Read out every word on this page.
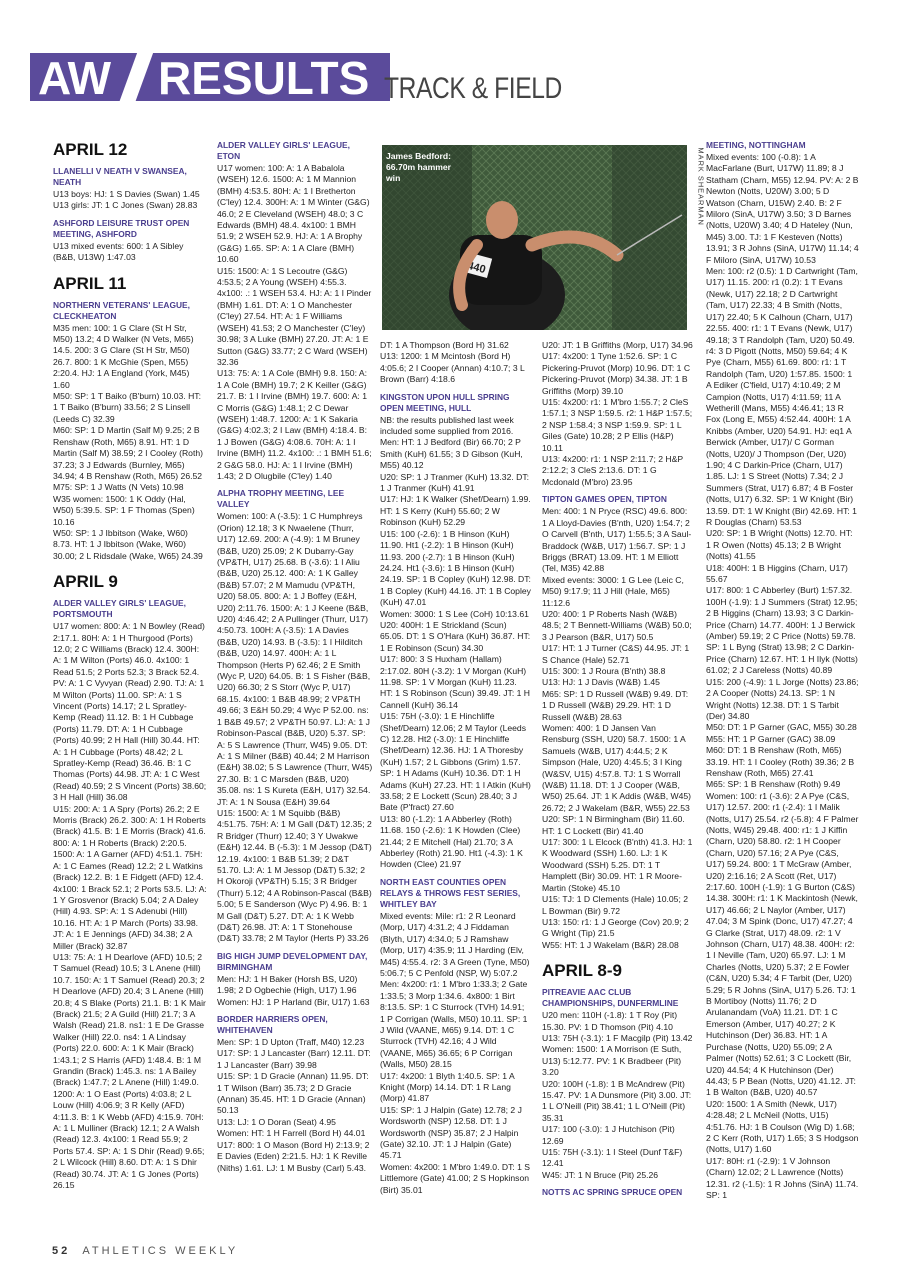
AW RESULTS TRACK & FIELD
APRIL 12
LLANELLI V NEATH V SWANSEA, NEATH
U13 boys: HJ: 1 S Davies (Swan) 1.45
U13 girls: JT: 1 C Jones (Swan) 28.83
ASHFORD LEISURE TRUST OPEN MEETING, ASHFORD
U13 mixed events: 600: 1 A Sibley (B&B, U13W) 1:47.03
APRIL 11
NORTHERN VETERANS' LEAGUE, CLECKHEATON
M35 men: 100: 1 G Clare (St H Str, M50) 13.2; 4 D Walker (N Vets, M65) 14.5. 200: 3 G Clare (St H Str, M50) 26.7. 800: 1 K McGhie (Spen, M55) 2:20.4. HJ: 1 A England (York, M45) 1.60
M50: SP: 1 T Baiko (B'burn) 10.03. HT: 1 T Baiko (B'burn) 33.56; 2 S Linsell (Leeds C) 32.39
M60: SP: 1 D Martin (Salf M) 9.25; 2 B Renshaw (Roth, M65) 8.91. HT: 1 D Martin (Salf M) 38.59; 2 I Cooley (Roth) 37.23; 3 J Edwards (Burnley, M65) 34.94; 4 B Renshaw (Roth, M65) 26.52
M75: SP: 1 J Watts (N Vets) 10.98
W35 women: 1500: 1 K Oddy (Hal, W50) 5:39.5. SP: 1 F Thomas (Spen) 10.16
W50: SP: 1 J Ibbitson (Wake, W60) 8.73. HT: 1 J Ibbitson (Wake, W60) 30.00; 2 L Ridsdale (Wake, W65) 24.39
APRIL 9
ALDER VALLEY GIRLS' LEAGUE, PORTSMOUTH
U17 women: 800: A: 1 N Bowley (Read) 2:17.1. 80H: A: 1 H Thurgood (Ports) 12.0; 2 C Williams (Brack) 12.4. 300H: A: 1 M Wilton (Ports) 46.0. 4x100: 1 Read 51.5; 2 Ports 52.3; 3 Brack 52.4. PV: A: 1 C Vyvyan (Read) 2.90. TJ: A: 1 M Wilton (Ports) 11.00. SP: A: 1 S Vincent (Ports) 14.17; 2 L Spratley-Kemp (Read) 11.12. B: 1 H Cubbage (Ports) 11.79. DT: A: 1 H Cubbage (Ports) 40.99; 2 H Hall (Hill) 30.44. HT: A: 1 H Cubbage (Ports) 48.42; 2 L Spratley-Kemp (Read) 36.46. B: 1 C Thomas (Ports) 44.98. JT: A: 1 C West (Read) 40.59; 2 S Vincent (Ports) 38.60; 3 H Hall (Hill) 36.08
U15: 200: A: 1 A Spry (Ports) 26.2; 2 E Morris (Brack) 26.2. 300: A: 1 H Roberts (Brack) 41.5. B: 1 E Morris (Brack) 41.6. 800: A: 1 H Roberts (Brack) 2:20.5. 1500: A: 1 A Garner (AFD) 4:51.1. 75H: A: 1 C Eames (Read) 12.2; 2 L Watkins (Brack) 12.2. B: 1 E Fidgett (AFD) 12.4. 4x100: 1 Brack 52.1; 2 Ports 53.5. LJ: A: 1 Y Grosvenor (Brack) 5.04; 2 A Daley (Hill) 4.93. SP: A: 1 S Adenubi (Hill) 10.16. HT: A: 1 P March (Ports) 33.98. JT: A: 1 E Jennings (AFD) 34.38; 2 A Miller (Brack) 32.87
U13: 75: A: 1 H Dearlove (AFD) 10.5; 2 T Samuel (Read) 10.5; 3 L Anene (Hill) 10.7. 150: A: 1 T Samuel (Read) 20.3; 2 H Dearlove (AFD) 20.4; 3 L Anene (Hill) 20.8; 4 S Blake (Ports) 21.1. B: 1 K Mair (Brack) 21.5; 2 A Guild (Hill) 21.7; 3 A Walsh (Read) 21.8. ns1: 1 E De Grasse Walker (Hill) 22.0. ns4: 1 A Lindsay (Ports) 22.0. 600: A: 1 K Mair (Brack) 1:43.1; 2 S Harris (AFD) 1:48.4. B: 1 M Grandin (Brack) 1:45.3. ns: 1 A Bailey (Brack) 1:47.7; 2 L Anene (Hill) 1:49.0. 1200: A: 1 O East (Ports) 4:03.8; 2 L Louw (Hill) 4:06.9; 3 R Kelly (AFD) 4:11.3. B: 1 K Webb (AFD) 4:15.9. 70H: A: 1 L Mulliner (Brack) 12.1; 2 A Walsh (Read) 12.3. 4x100: 1 Read 55.9; 2 Ports 57.4. SP: A: 1 S Dhir (Read) 9.65; 2 L Wilcock (Hill) 8.60. DT: A: 1 S Dhir (Read) 30.74. JT: A: 1 G Jones (Ports) 26.15
ALDER VALLEY GIRLS' LEAGUE, ETON
U17 women: 100: A: 1 A Babalola (WSEH) 12.6. 1500: A: 1 M Mannion (BMH) 4:53.5. 80H: A: 1 I Bretherton (C'ley) 12.4. 300H: A: 1 M Winter (G&G) 46.0; 2 E Cleveland (WSEH) 48.0; 3 C Edwards (BMH) 48.4. 4x100: 1 BMH 51.9; 2 WSEH 52.9. HJ: A: 1 A Brophy (G&G) 1.65. SP: A: 1 A Clare (BMH) 10.60
U15: 1500: A: 1 S Lecoutre (G&G) 4:53.5; 2 A Young (WSEH) 4:55.3. 4x100: .: 1 WSEH 53.4. HJ: A: 1 I Pinder (BMH) 1.61. DT: A: 1 O Manchester (C'ley) 27.54. HT: A: 1 F Williams (WSEH) 41.53; 2 O Manchester (C'ley) 30.98; 3 A Luke (BMH) 27.20. JT: A: 1 E Sutton (G&G) 33.77; 2 C Ward (WSEH) 32.36
U13: 75: A: 1 A Cole (BMH) 9.8. 150: A: 1 A Cole (BMH) 19.7; 2 K Keiller (G&G) 21.7. B: 1 I Irvine (BMH) 19.7. 600: A: 1 C Morris (G&G) 1:48.1; 2 C Dewar (WSEH) 1:48.7. 1200: A: 1 K Sakaria (G&G) 4:02.3; 2 I Law (BMH) 4:18.4. B: 1 J Bowen (G&G) 4:08.6. 70H: A: 1 I Irvine (BMH) 11.2. 4x100: .: 1 BMH 51.6; 2 G&G 58.0. HJ: A: 1 I Irvine (BMH) 1.43; 2 D Olugbile (C'ley) 1.40
ALPHA TROPHY MEETING, LEE VALLEY
Women: 100: A (-3.5): 1 C Humphreys (Orion) 12.18; 3 K Nwaelene (Thurr, U17) 12.69. 200: A (-4.9): 1 M Bruney (B&B, U20) 25.09; 2 K Dubarry-Gay (VP&TH, U17) 25.68. B (-3.6): 1 I Aliu (B&B, U20) 25.12. 400: A: 1 K Galley (B&B) 57.07; 2 M Mamudu (VP&TH, U20) 58.05. 800: A: 1 J Boffey (E&H, U20) 2:11.76. 1500: A: 1 J Keene (B&B, U20) 4:46.42; 2 A Pullinger (Thurr, U17) 4:50.73. 100H: A (-3.5): 1 A Davies (B&B, U20) 14.93. B (-3.5): 1 I Hilditch (B&B, U20) 14.97. 400H: A: 1 L Thompson (Herts P) 62.46; 2 E Smith (Wyc P, U20) 64.05. B: 1 S Fisher (B&B, U20) 66.30; 2 S Storr (Wyc P, U17) 68.15. 4x100: 1 B&B 48.99; 2 VP&TH 49.66; 3 E&H 50.29; 4 Wyc P 52.00. ns: 1 B&B 49.57; 2 VP&TH 50.97. LJ: A: 1 J Robinson-Pascal (B&B, U20) 5.37. SP: A: 5 S Lawrence (Thurr, W45) 9.05. DT: A: 1 S Milner (B&B) 40.44; 2 M Harrison (E&H) 38.02; 5 S Lawrence (Thurr, W45) 27.30. B: 1 C Marsden (B&B, U20) 35.08. ns: 1 S Kureta (E&H, U17) 32.54. JT: A: 1 N Sousa (E&H) 39.64
U15: 1500: A: 1 M Squibb (B&B) 4:51.75. 75H: A: 1 M Gall (D&T) 12.35; 2 R Bridger (Thurr) 12.40; 3 Y Uwakwe (E&H) 12.44. B (-5.3): 1 M Jessop (D&T) 12.19. 4x100: 1 B&B 51.39; 2 D&T 51.70. LJ: A: 1 M Jessop (D&T) 5.32; 2 H Okoroji (VP&TH) 5.15; 3 R Bridger (Thurr) 5.12; 4 A Robinson-Pascal (B&B) 5.00; 5 E Sanderson (Wyc P) 4.96. B: 1 M Gall (D&T) 5.27. DT: A: 1 K Webb (D&T) 26.98. JT: A: 1 T Stonehouse (D&T) 33.78; 2 M Taylor (Herts P) 33.26
BIG HIGH JUMP DEVELOPMENT DAY, BIRMINGHAM
Men: HJ: 1 H Baker (Horsh BS, U20) 1.98; 2 D Ogbechie (High, U17) 1.96
Women: HJ: 1 P Harland (Bir, U17) 1.63
BORDER HARRIERS OPEN, WHITEHAVEN
Men: SP: 1 D Upton (Traff, M40) 12.23
U17: SP: 1 J Lancaster (Barr) 12.11. DT: 1 J Lancaster (Barr) 39.98
U15: SP: 1 D Gracie (Annan) 11.95. DT: 1 T Wilson (Barr) 35.73; 2 D Gracie (Annan) 35.45. HT: 1 D Gracie (Annan) 50.13
U13: LJ: 1 O Doran (Seat) 4.95
Women: HT: 1 H Farrell (Bord H) 44.01
U17: 800: 1 O Mason (Bord H) 2:13.9; 2 E Davies (Eden) 2:21.5. HJ: 1 K Reville (Niths) 1.61. LJ: 1 M Busby (Carl) 5.43.
DT: 1 A Thompson (Bord H) 31.62
U13: 1200: 1 M Mcintosh (Bord H) 4:05.6; 2 I Cooper (Annan) 4:10.7; 3 L Brown (Barr) 4:18.6
KINGSTON UPON HULL SPRING OPEN MEETING, HULL
NB: the results published last week included some supplied from 2016.
Men: HT: 1 J Bedford (Bir) 66.70; 2 P Smith (KuH) 61.55; 3 D Gibson (KuH, M55) 40.12
U20: SP: 1 J Tranmer (KuH) 13.32. DT: 1 J Tranmer (KuH) 41.91
U17: HJ: 1 K Walker (Shef/Dearn) 1.99. HT: 1 S Kerry (KuH) 55.60; 2 W Robinson (KuH) 52.29
U15: 100 (-2.6): 1 B Hinson (KuH) 11.90. Ht1 (-2.2): 1 B Hinson (KuH) 11.93. 200 (-2.7): 1 B Hinson (KuH) 24.24. Ht1 (-3.6): 1 B Hinson (KuH) 24.19. SP: 1 B Copley (KuH) 12.98. DT: 1 B Copley (KuH) 44.16. JT: 1 B Copley (KuH) 47.01
Women: 3000: 1 S Lee (CoH) 10:13.61
U20: 400H: 1 E Strickland (Scun) 65.05. DT: 1 S O'Hara (KuH) 36.87. HT: 1 E Robinson (Scun) 34.30
U17: 800: 3 S Huxham (Hallam) 2:17.02. 80H (-3.2): 1 V Morgan (KuH) 11.98. SP: 1 V Morgan (KuH) 11.23. HT: 1 S Robinson (Scun) 39.49. JT: 1 H Cannell (KuH) 36.14
U15: 75H (-3.0): 1 E Hinchliffe (Shef/Dearn) 12.06; 2 M Taylor (Leeds C) 12.28. Ht2 (-3.0): 1 E Hinchliffe (Shef/Dearn) 12.36. HJ: 1 A Thoresby (KuH) 1.57; 2 L Gibbons (Grim) 1.57. SP: 1 H Adams (KuH) 10.36. DT: 1 H Adams (KuH) 27.23. HT: 1 I Atkin (KuH) 33.58; 2 E Lockett (Scun) 28.40; 3 J Bate (P'fract) 27.60
U13: 80 (-1.2): 1 A Abberley (Roth) 11.68. 150 (-2.6): 1 K Howden (Clee) 21.44; 2 E Mitchell (Hal) 21.70; 3 A Abberley (Roth) 21.90. Ht1 (-4.3): 1 K Howden (Clee) 21.97
NORTH EAST COUNTIES OPEN RELAYS & THROWS FEST SERIES, WHITLEY BAY
Mixed events: Mile: r1: 2 R Leonard (Morp, U17) 4:31.2; 4 J Fiddaman (Blyth, U17) 4:34.0; 5 J Ramshaw (Morp, U17) 4:35.9; 11 J Harding (Elv, M45) 4:55.4. r2: 3 A Green (Tyne, M50) 5:06.7; 5 C Penfold (NSP, W) 5:07.2
Men: 4x200: r1: 1 M'bro 1:33.3; 2 Gate 1:33.5; 3 Morp 1:34.6. 4x800: 1 Birt 8:13.5. SP: 1 C Sturrock (TVH) 14.91; 1 P Corrigan (Walls, M50) 10.11. SP: 1 J Wild (VAANE, M65) 9.14. DT: 1 C Sturrock (TVH) 42.16; 4 J Wild (VAANE, M65) 36.65; 6 P Corrigan (Walls, M50) 28.15
U17: 4x200: 1 Blyth 1:40.5. SP: 1 A Knight (Morp) 14.14. DT: 1 R Lang (Morp) 41.87
U15: SP: 1 J Halpin (Gate) 12.78; 2 J Wordsworth (NSP) 12.58. DT: 1 J Wordsworth (NSP) 35.87; 2 J Halpin (Gate) 32.10. JT: 1 J Halpin (Gate) 45.71
Women: 4x200: 1 M'bro 1:49.0. DT: 1 S Littlemore (Gate) 41.00; 2 S Hopkinson (Birt) 35.01
U20: JT: 1 B Griffiths (Morp, U17) 34.96
U17: 4x200: 1 Tyne 1:52.6. SP: 1 C Pickering-Pruvot (Morp) 10.96. DT: 1 C Pickering-Pruvot (Morp) 34.38. JT: 1 B Griffiths (Morp) 39.10
U15: 4x200: r1: 1 M'bro 1:55.7; 2 CleS 1:57.1; 3 NSP 1:59.5. r2: 1 H&P 1:57.5; 2 NSP 1:58.4; 3 NSP 1:59.9. SP: 1 L Giles (Gate) 10.28; 2 P Ellis (H&P) 10.11
U13: 4x200: r1: 1 NSP 2:11.7; 2 H&P 2:12.2; 3 CleS 2:13.6. DT: 1 G Mcdonald (M'bro) 23.95
TIPTON GAMES OPEN, TIPTON
Men: 400: 1 N Pryce (RSC) 49.6. 800: 1 A Lloyd-Davies (B'nth, U20) 1:54.7; 2 O Carvell (B'nth, U17) 1:55.5; 3 A Saul-Braddock (W&B, U17) 1:56.7. SP: 1 J Briggs (BRAT) 13.09. HT: 1 M Elliott (Tel, M35) 42.88
Mixed events: 3000: 1 G Lee (Leic C, M50) 9:17.9; 11 J Hill (Hale, M65) 11:12.6
U20: 400: 1 P Roberts Nash (W&B) 48.5; 2 T Bennett-Williams (W&B) 50.0; 3 J Pearson (B&R, U17) 50.5
U17: HT: 1 J Turner (C&S) 44.95. JT: 1 S Chance (Hale) 52.71
U15: 300: 1 J Roura (B'nth) 38.8
U13: HJ: 1 J Davis (W&B) 1.45
M65: SP: 1 D Russell (W&B) 9.49. DT: 1 D Russell (W&B) 29.29. HT: 1 D Russell (W&B) 28.63
Women: 400: 1 D Jansen Van Rensburg (SSH, U20) 58.7. 1500: 1 A Samuels (W&B, U17) 4:44.5; 2 K Simpson (Hale, U20) 4:45.5; 3 I King (W&SV, U15) 4:57.8. TJ: 1 S Worrall (W&B) 11.18. DT: 1 J Cooper (W&B, W50) 25.64. JT: 1 K Addis (W&B, W45) 26.72; 2 J Wakelam (B&R, W55) 22.53
U20: SP: 1 N Birmingham (Bir) 11.60. HT: 1 C Lockett (Bir) 41.40
U17: 300: 1 L Elcock (B'nth) 41.3. HJ: 1 K Woodward (SSH) 1.60. LJ: 1 K Woodward (SSH) 5.25. DT: 1 T Hamplett (Bir) 30.09. HT: 1 R Moore-Martin (Stoke) 45.10
U15: TJ: 1 D Clements (Hale) 10.05; 2 L Bowman (Bir) 9.72
U13: 150: r1: 1 J George (Cov) 20.9; 2 G Wright (Tip) 21.5
W55: HT: 1 J Wakelam (B&R) 28.08
APRIL 8-9
PITREAVIE AAC CLUB CHAMPIONSHIPS, DUNFERMLINE
U20 men: 110H (-1.8): 1 T Roy (Pit) 15.30. PV: 1 D Thomson (Pit) 4.10
U13: 75H (-3.1): 1 F Macgilp (Pit) 13.42
Women: 1500: 1 A Morrison (E Suth, U13) 5:12.77. PV: 1 K Bradbeer (Pit) 3.20
U20: 100H (-1.8): 1 B McAndrew (Pit) 15.47. PV: 1 A Dunsmore (Pit) 3.00. JT: 1 L O'Neill (Pit) 38.41; 1 L O'Neill (Pit) 35.31
U17: 100 (-3.0): 1 J Hutchison (Pit) 12.69
U15: 75H (-3.1): 1 I Steel (Dunf T&F) 12.41
W45: JT: 1 N Bruce (Pit) 25.26
NOTTS AC SPRING SPRUCE OPEN
MEETING, NOTTINGHAM
Mixed events: 100 (-0.8): 1 A MacFarlane (Burt, U17W) 11.89; 8 J Statham (Charn, M55) 12.94. PV: A: 2 B Newton (Notts, U20W) 3.00; 5 D Watson (Charn, U15W) 2.40. B: 2 F Miloro (SinA, U17W) 3.50; 3 D Barnes (Notts, U20W) 3.40; 4 D Hateley (Nun, M45) 3.00. TJ: 1 F Kesteven (Notts) 13.91; 3 R Johns (SinA, U17W) 11.14; 4 F Miloro (SinA, U17W) 10.53
Men: 100: r2 (0.5): 1 D Cartwright (Tam, U17) 11.15. 200: r1 (0.2): 1 T Evans (Newk, U17) 22.18; 2 D Cartwright (Tam, U17) 22.33; 4 B Smith (Notts, U17) 22.40; 5 K Calhoun (Charn, U17) 22.55. 400: r1: 1 T Evans (Newk, U17) 49.18; 3 T Randolph (Tam, U20) 50.49. r4: 3 D Pigott (Notts, M50) 59.64; 4 K Pye (Charn, M55) 61.69. 800: r1: 1 T Randolph (Tam, U20) 1:57.85. 1500: 1 A Ediker (C'field, U17) 4:10.49; 2 M Campion (Notts, U17) 4:11.59; 11 A Wetherill (Mans, M55) 4:46.41; 13 R Fox (Long E, M55) 4:52.44. 400H: 1 A Knibbs (Amber, U20) 54.91. HJ: eq1 A Berwick (Amber, U17)/ C Gorman (Notts, U20)/ J Thompson (Der, U20) 1.90; 4 C Darkin-Price (Charn, U17) 1.85. LJ: 1 S Street (Notts) 7.34; 2 J Summers (Strat, U17) 6.87; 4 B Foster (Notts, U17) 6.32. SP: 1 W Knight (Bir) 13.59. DT: 1 W Knight (Bir) 42.69. HT: 1 R Douglas (Charn) 53.53
U20: SP: 1 B Wright (Notts) 12.70. HT: 1 R Owen (Notts) 45.13; 2 B Wright (Notts) 41.55
U18: 400H: 1 B Higgins (Charn, U17) 55.67
U17: 800: 1 C Abberley (Burt) 1:57.32. 100H (-1.9): 1 J Summers (Strat) 12.95; 2 B Higgins (Charn) 13.93; 3 C Darkin-Price (Charn) 14.77. 400H: 1 J Berwick (Amber) 59.19; 2 C Price (Notts) 59.78. SP: 1 L Byng (Strat) 13.98; 2 C Darkin-Price (Charn) 12.67. HT: 1 H Ilyk (Notts) 61.02; 2 J Careless (Notts) 40.89
U15: 200 (-4.9): 1 L Jorge (Notts) 23.86; 2 A Cooper (Notts) 24.13. SP: 1 N Wright (Notts) 12.38. DT: 1 S Tarbit (Der) 34.80
M50: DT: 1 P Garner (GAC, M55) 30.28
M55: HT: 1 P Garner (GAC) 38.09
M60: DT: 1 B Renshaw (Roth, M65) 33.19. HT: 1 I Cooley (Roth) 39.36; 2 B Renshaw (Roth, M65) 27.41
M65: SP: 1 B Renshaw (Roth) 9.49
Women: 100: r1 (-3.6): 2 A Pye (C&S, U17) 12.57. 200: r1 (-2.4): 1 I Malik (Notts, U17) 25.54. r2 (-5.8): 4 F Palmer (Notts, W45) 29.48. 400: r1: 1 J Kiffin (Charn, U20) 58.80. r2: 1 H Cooper (Charn, U20) 57.16; 2 A Pye (C&S, U17) 59.24. 800: 1 T McGraw (Amber, U20) 2:16.16; 2 A Scott (Ret, U17) 2:17.60. 100H (-1.9): 1 G Burton (C&S) 14.38. 300H: r1: 1 K Mackintosh (Newk, U17) 46.66; 2 L Naylor (Amber, U17) 47.04; 3 M Spink (Donc, U17) 47.27; 4 G Clarke (Strat, U17) 48.09. r2: 1 V Johnson (Charn, U17) 48.38. 400H: r2: 1 I Neville (Tam, U20) 65.97. LJ: 1 M Charles (Notts, U20) 5.37; 2 E Fowler (C&N, U20) 5.34; 4 F Tarbit (Der, U20) 5.29; 5 R Johns (SinA, U17) 5.26. TJ: 1 B Mortiboy (Notts) 11.76; 2 D Arulanandam (VoA) 11.21. DT: 1 C Emerson (Amber, U17) 40.27; 2 K Hutchinson (Der) 36.83. HT: 1 A Purchase (Notts, U20) 55.09; 2 A Palmer (Notts) 52.61; 3 C Lockett (Bir, U20) 44.54; 4 K Hutchinson (Der) 44.43; 5 P Bean (Notts, U20) 41.12. JT: 1 B Walton (B&B, U20) 40.57
U20: 1500: 1 A Smith (Newk, U17) 4:28.48; 2 L McNeil (Notts, U15) 4:51.76. HJ: 1 B Coulson (Wig D) 1.68; 2 C Kerr (Roth, U17) 1.65; 3 S Hodgson (Notts, U17) 1.60
U17: 80H: r1 (-2.9): 1 V Johnson (Charn) 12.02; 2 L Lawrence (Notts) 12.31. r2 (-1.5): 1 R Johns (SinA) 11.74. SP: 1
440
James Bedford: 66.70m hammer win	MARK SHEARMAN
52 ATHLETICS WEEKLY
